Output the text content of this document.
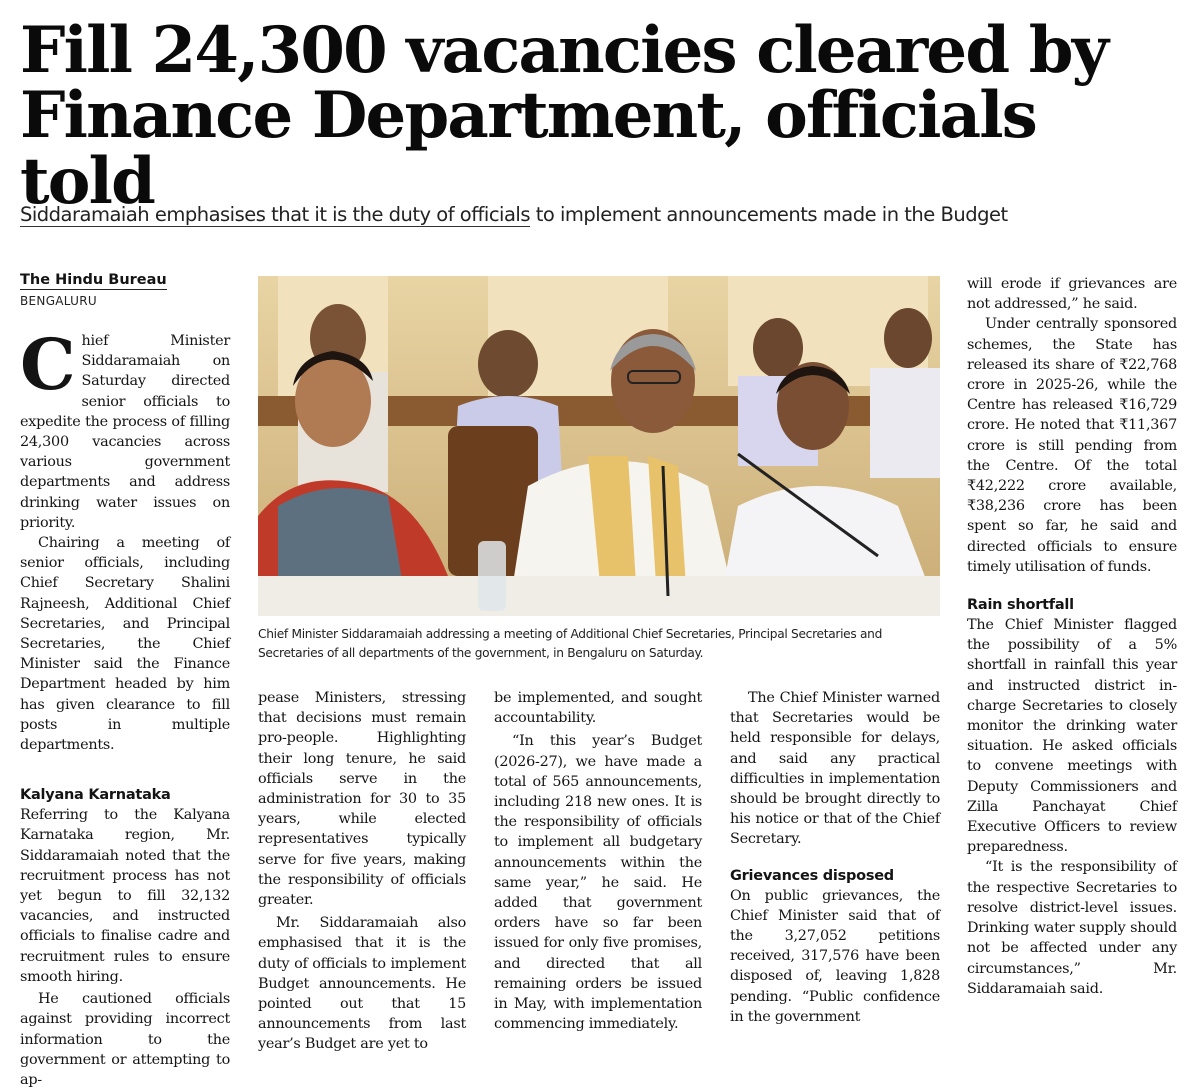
Fill 24,300 vacancies cleared by Finance Department, officials told

Siddaramaiah emphasises that it is the duty of officials to implement announcements made in the Budget

The Hindu Bureau
BENGALURU

Chief Minister Siddaramaiah on Saturday directed senior officials to expedite the process of filling 24,300 vacancies across various government departments and address drinking water issues on priority.

Chairing a meeting of senior officials, including Chief Secretary Shalini Rajneesh, Additional Chief Secretaries, and Principal Secretaries, the Chief Minister said the Finance Department headed by him has given clearance to fill posts in multiple departments.

Kalyana Karnataka

Referring to the Kalyana Karnataka region, Mr. Siddaramaiah noted that the recruitment process has not yet begun to fill 32,132 vacancies, and instructed officials to finalise cadre and recruitment rules to ensure smooth hiring.

He cautioned officials against providing incorrect information to the government or attempting to ap-

Chief Minister Siddaramaiah addressing a meeting of Additional Chief Secretaries, Principal Secretaries and Secretaries of all departments of the government, in Bengaluru on Saturday.

pease Ministers, stressing that decisions must remain pro-people. Highlighting their long tenure, he said officials serve in the administration for 30 to 35 years, while elected representatives typically serve for five years, making the responsibility of officials greater.

Mr. Siddaramaiah also emphasised that it is the duty of officials to implement Budget announcements. He pointed out that 15 announcements from last year’s Budget are yet to

be implemented, and sought accountability.

“In this year’s Budget (2026-27), we have made a total of 565 announcements, including 218 new ones. It is the responsibility of officials to implement all budgetary announcements within the same year,” he said. He added that government orders have so far been issued for only five promises, and directed that all remaining orders be issued in May, with implementation commencing immediately.

The Chief Minister warned that Secretaries would be held responsible for delays, and said any practical difficulties in implementation should be brought directly to his notice or that of the Chief Secretary.

Grievances disposed

On public grievances, the Chief Minister said that of the 3,27,052 petitions received, 317,576 have been disposed of, leaving 1,828 pending. “Public confidence in the government

will erode if grievances are not addressed,” he said.

Under centrally sponsored schemes, the State has released its share of ₹22,768 crore in 2025-26, while the Centre has released ₹16,729 crore. He noted that ₹11,367 crore is still pending from the Centre. Of the total ₹42,222 crore available, ₹38,236 crore has been spent so far, he said and directed officials to ensure timely utilisation of funds.

Rain shortfall

The Chief Minister flagged the possibility of a 5% shortfall in rainfall this year and instructed district in-charge Secretaries to closely monitor the drinking water situation. He asked officials to convene meetings with Deputy Commissioners and Zilla Panchayat Chief Executive Officers to review preparedness.

“It is the responsibility of the respective Secretaries to resolve district-level issues. Drinking water supply should not be affected under any circumstances,” Mr. Siddaramaiah said.
